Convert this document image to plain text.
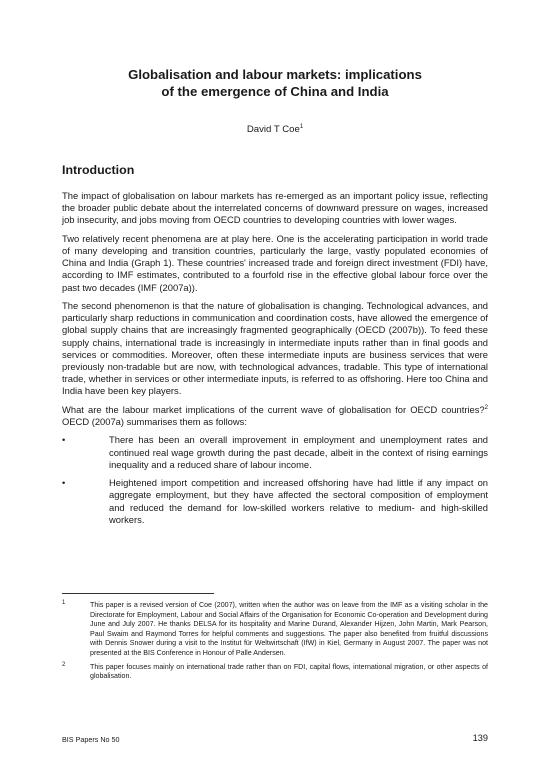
Globalisation and labour markets: implications
of the emergence of China and India
David T Coe$^1$
Introduction

The impact of globalisation on labour markets has re-emerged as an important policy issue, reflecting the broader public debate about the interrelated concerns of downward pressure on wages, increased job insecurity, and jobs moving from OECD countries to developing countries with lower wages.

Two relatively recent phenomena are at play here. One is the accelerating participation in world trade of many developing and transition countries, particularly the large, vastly populated economies of China and India (Graph 1). These countries' increased trade and foreign direct investment (FDI) have, according to IMF estimates, contributed to a fourfold rise in the effective global labour force over the past two decades (IMF (2007a)).

The second phenomenon is that the nature of globalisation is changing. Technological advances, and particularly sharp reductions in communication and coordination costs, have allowed the emergence of global supply chains that are increasingly fragmented geographically (OECD (2007b)). To feed these supply chains, international trade is increasingly in intermediate inputs rather than in final goods and services or commodities. Moreover, often these intermediate inputs are business services that were previously non-tradable but are now, with technological advances, tradable. This type of international trade, whether in services or other intermediate inputs, is referred to as offshoring. Here too China and India have been key players.

What are the labour market implications of the current wave of globalisation for OECD countries?$^2$ OECD (2007a) summarises them as follows:

•	There has been an overall improvement in employment and unemployment rates and continued real wage growth during the past decade, albeit in the context of rising earnings inequality and a reduced share of labour income.
•	Heightened import competition and increased offshoring have had little if any impact on aggregate employment, but they have affected the sectoral composition of employment and reduced the demand for low-skilled workers relative to medium- and high-skilled workers.
1	This paper is a revised version of Coe (2007), written when the author was on leave from the IMF as a visiting scholar in the Directorate for Employment, Labour and Social Affairs of the Organisation for Economic Co-operation and Development during June and July 2007. He thanks DELSA for its hospitality and Marine Durand, Alexander Hijzen, John Martin, Mark Pearson, Paul Swaim and Raymond Torres for helpful comments and suggestions. The paper also benefited from fruitful discussions with Dennis Snower during a visit to the Institut für Weltwirtschaft (IfW) in Kiel, Germany in August 2007. The paper was not presented at the BIS Conference in Honour of Palle Andersen.
2	This paper focuses mainly on international trade rather than on FDI, capital flows, international migration, or other aspects of globalisation.
BIS Papers No 50	139
